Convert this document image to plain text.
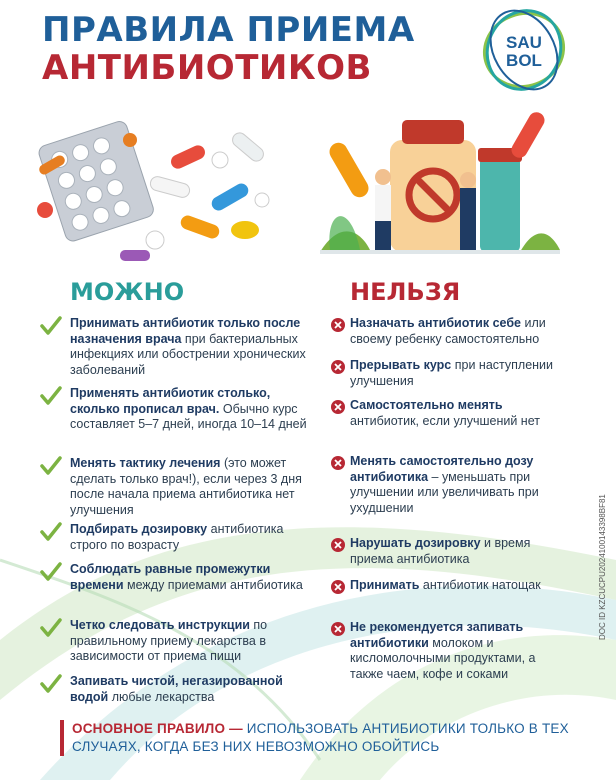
ПРАВИЛА ПРИЕМА
АНТИБИОТИКОВ
SAU
BOL
МОЖНО	НЕЛЬЗЯ
Принимать антибиотик только после назначения врача при бактериальных инфекциях или обострении хронических заболеваний
Применять антибиотик столько, сколько прописал врач. Обычно курс составляет 5–7 дней, иногда 10–14 дней
Менять тактику лечения (это может сделать только врач!), если через 3 дня после начала приема антибиотика нет улучшения
Подбирать дозировку антибиотика строго по возрасту
Соблюдать равные промежутки времени между приемами антибиотика
Четко следовать инструкции по правильному приему лекарства в зависимости от приема пищи
Запивать чистой, негазированной водой любые лекарства
Назначать антибиотик себе или своему ребенку самостоятельно
Прерывать курс при наступлении улучшения
Самостоятельно менять антибиотик, если улучшений нет
Менять самостоятельно дозу антибиотика – уменьшать при улучшении или увеличивать при ухудшении
Нарушать дозировку и время приема антибиотика
Принимать антибиотик натощак
Не рекомендуется запивать антибиотики молоком и кисломолочными продуктами, а также чаем, кофе и соками
ОСНОВНОЕ ПРАВИЛО — ИСПОЛЬЗОВАТЬ АНТИБИОТИКИ ТОЛЬКО В ТЕХ СЛУЧАЯХ, КОГДА БЕЗ НИХ НЕВОЗМОЖНО ОБОЙТИСЬ
DOC ID KZCUCPU2024100143398BF81
